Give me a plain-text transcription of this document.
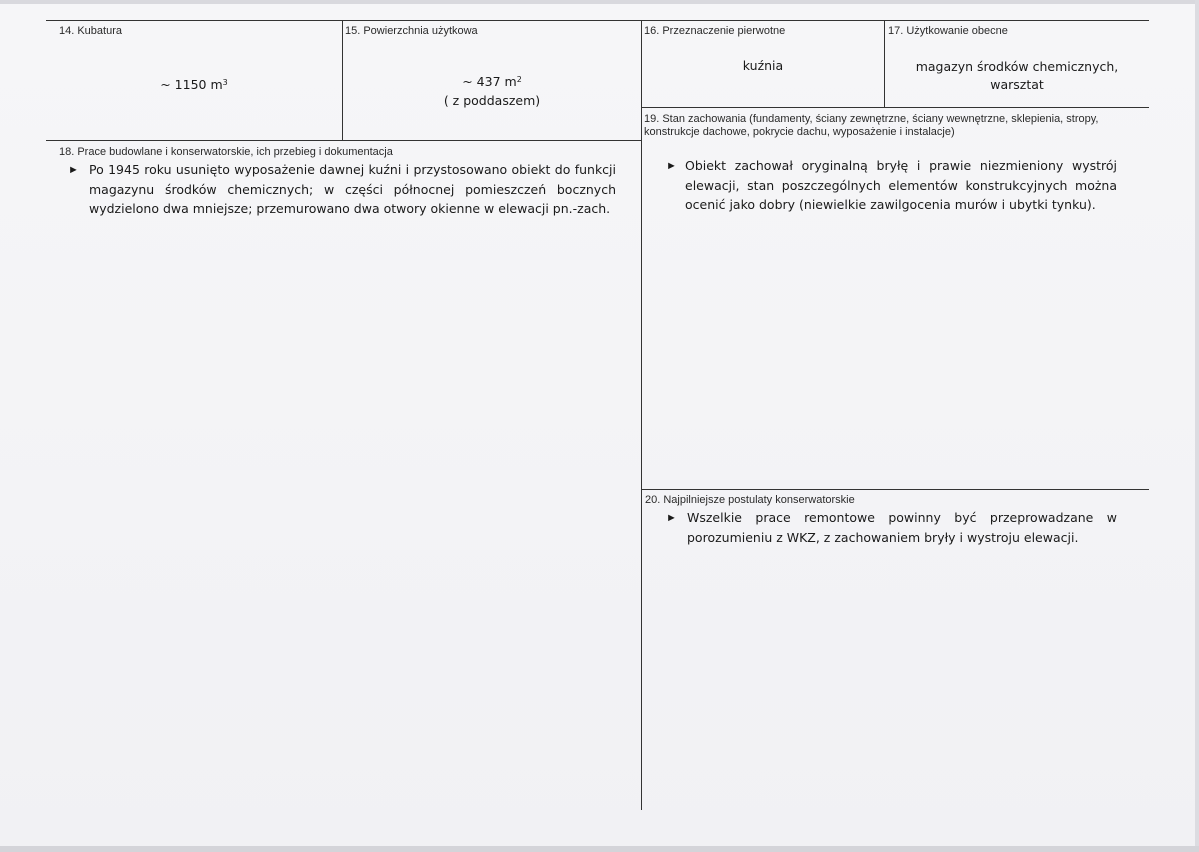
14. Kubatura
~ 1150 $m^3$
15. Powierzchnia użytkowa
~ 437 $m^2$
( z poddaszem)
16. Przeznaczenie pierwotne
kuźnia
17. Użytkowanie obecne
magazyn środków chemicznych,
warsztat
18. Prace budowlane i konserwatorskie, ich przebieg i dokumentacja
► Po 1945 roku usunięto wyposażenie dawnej kuźni i przystosowano obiekt do funkcji magazynu środków chemicznych; w części północnej pomieszczeń bocznych wydzielono dwa mniejsze; przemurowano dwa otwory okienne w elewacji pn.-zach.
19. Stan zachowania (fundamenty, ściany zewnętrzne, ściany wewnętrzne, sklepienia, stropy, konstrukcje dachowe, pokrycie dachu, wyposażenie i instalacje)
► Obiekt zachował oryginalną bryłę i prawie niezmieniony wystrój elewacji, stan poszczególnych elementów konstrukcyjnych można ocenić jako dobry (niewielkie zawilgocenia murów i ubytki tynku).
20. Najpilniejsze postulaty konserwatorskie
► Wszelkie prace remontowe powinny być przeprowadzane w porozumieniu z WKZ, z zachowaniem bryły i wystroju elewacji.
